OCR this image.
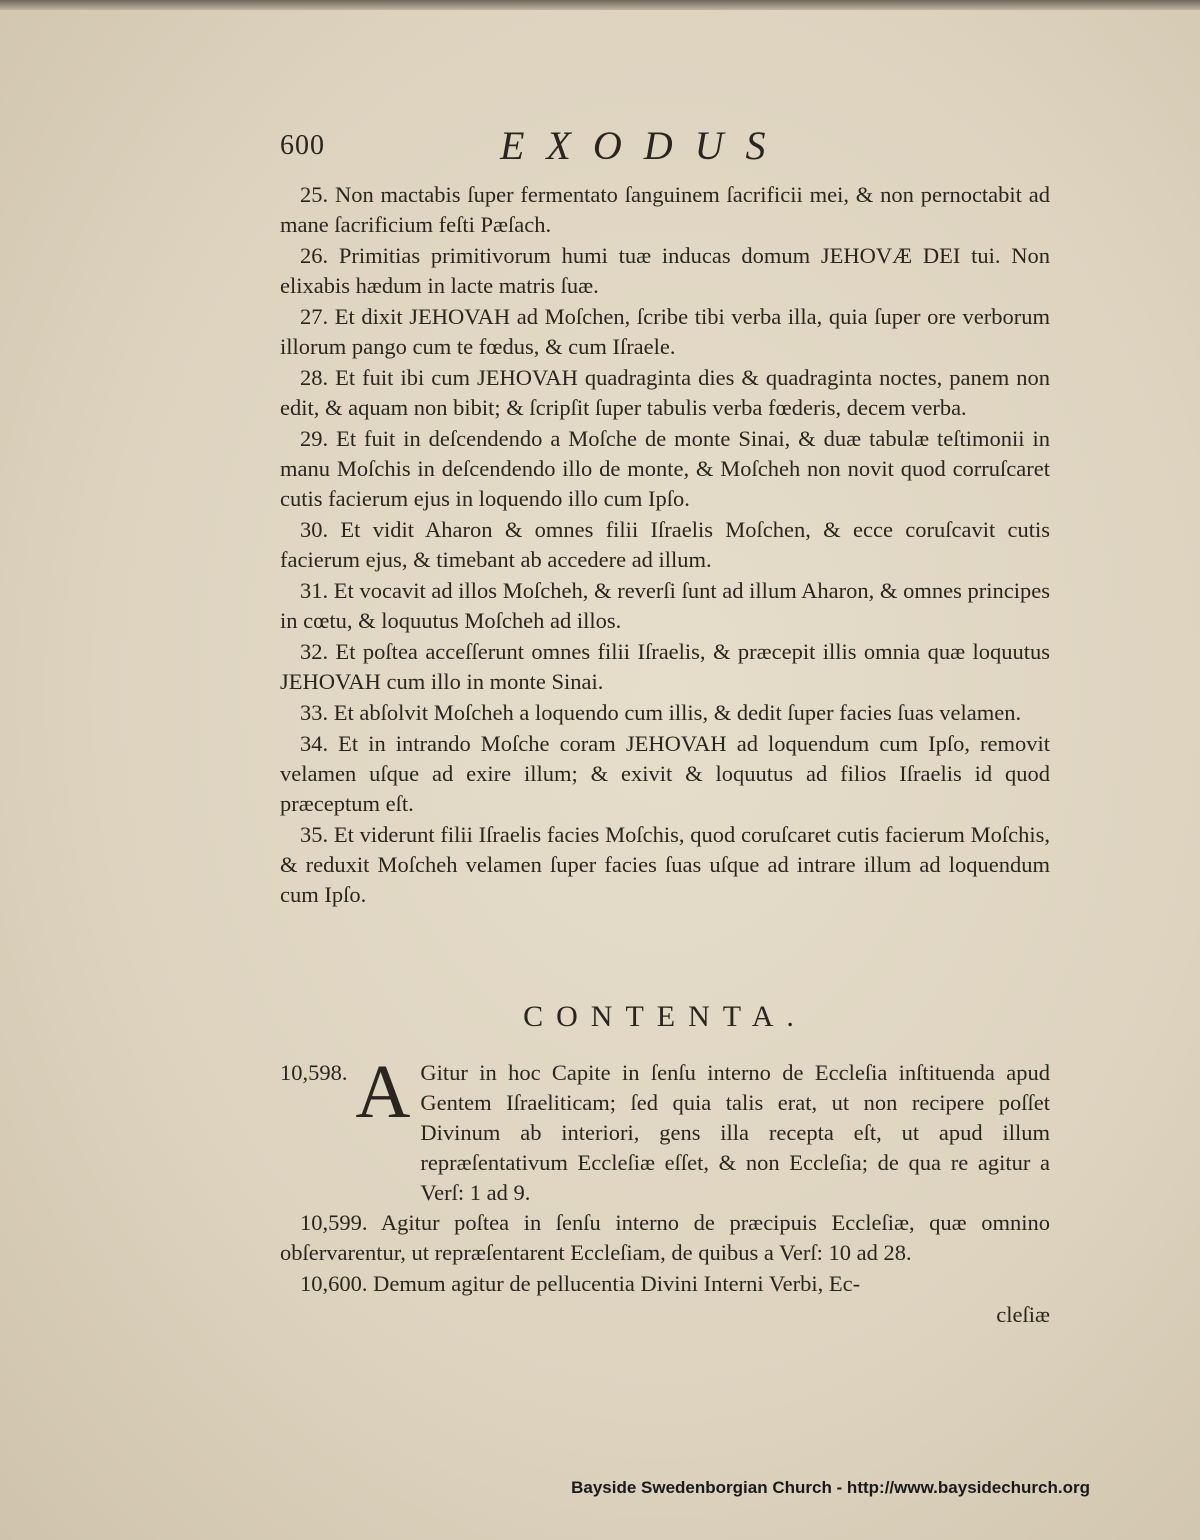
600	EXODUS

25. Non mactabis ſuper fermentato ſanguinem ſacrificii mei, & non pernoctabit ad mane ſacrificium feſti Pæſach.

26. Primitias primitivorum humi tuæ inducas domum JEHOVÆ DEI tui. Non elixabis hædum in lacte matris ſuæ.

27. Et dixit JEHOVAH ad Moſchen, ſcribe tibi verba illa, quia ſuper ore verborum illorum pango cum te fœdus, & cum Iſraele.

28. Et fuit ibi cum JEHOVAH quadraginta dies & quadraginta noctes, panem non edit, & aquam non bibit; & ſcripſit ſuper tabulis verba fœderis, decem verba.

29. Et fuit in deſcendendo a Moſche de monte Sinai, & duæ tabulæ teſtimonii in manu Moſchis in deſcendendo illo de monte, & Moſcheh non novit quod corruſcaret cutis facierum ejus in loquendo illo cum Ipſo.

30. Et vidit Aharon & omnes filii Iſraelis Moſchen, & ecce coruſcavit cutis facierum ejus, & timebant ab accedere ad illum.

31. Et vocavit ad illos Moſcheh, & reverſi ſunt ad illum Aharon, & omnes principes in cœtu, & loquutus Moſcheh ad illos.

32. Et poſtea acceſſerunt omnes filii Iſraelis, & præcepit illis omnia quæ loquutus JEHOVAH cum illo in monte Sinai.

33. Et abſolvit Moſcheh a loquendo cum illis, & dedit ſuper facies ſuas velamen.

34. Et in intrando Moſche coram JEHOVAH ad loquendum cum Ipſo, removit velamen uſque ad exire illum; & exivit & loquutus ad filios Iſraelis id quod præceptum eſt.

35. Et viderunt filii Iſraelis facies Moſchis, quod coruſcaret cutis facierum Moſchis, & reduxit Moſcheh velamen ſuper facies ſuas uſque ad intrare illum ad loquendum cum Ipſo.

CONTENTA.
10,598. A Gitur in hoc Capite in ſenſu interno de Eccleſia inſtituenda apud Gentem Iſraeliticam; ſed quia talis erat, ut non recipere poſſet Divinum ab interiori, gens illa recepta eſt, ut apud illum repræſentativum Eccleſiæ eſſet, & non Eccleſia; de qua re agitur a Verſ: 1 ad 9.

10,599. Agitur poſtea in ſenſu interno de præcipuis Eccleſiæ, quæ omnino obſervarentur, ut repræſentarent Eccleſiam, de quibus a Verſ: 10 ad 28.

10,600. Demum agitur de pellucentia Divini Interni Verbi, Ec-

cleſiæ

Bayside Swedenborgian Church - http://www.baysidechurch.org
